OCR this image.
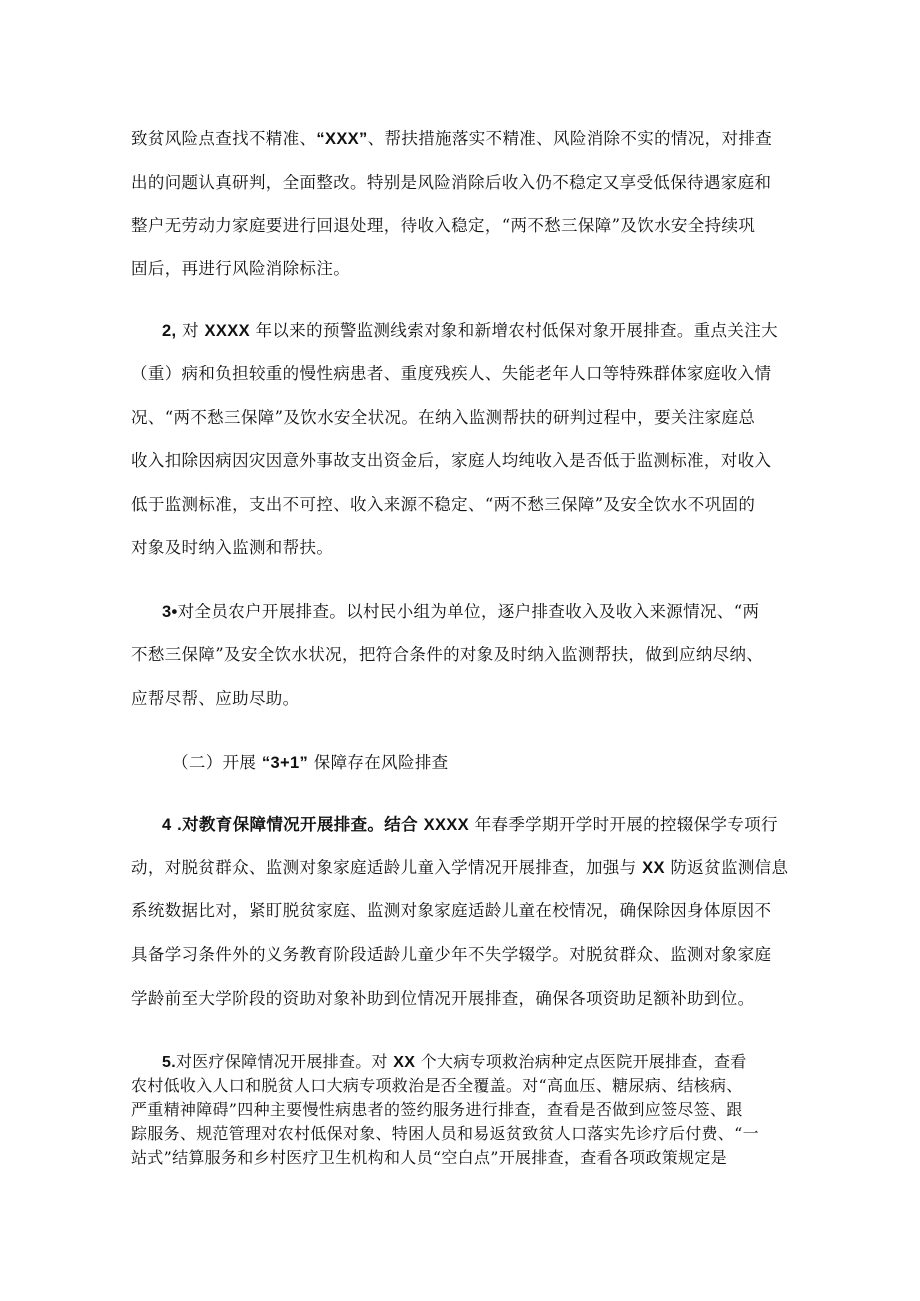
致贫风险点查找不精准、“XXX”、帮扶措施落实不精准、风险消除不实的情况，对排查
出的问题认真研判，全面整改。特别是风险消除后收入仍不稳定又享受低保待遇家庭和
整户无劳动力家庭要进行回退处理，待收入稳定，“两不愁三保障”及饮水安全持续巩
固后，再进行风险消除标注。
2, 对 XXXX 年以来的预警监测线索对象和新增农村低保对象开展排查。重点关注大
（重）病和负担较重的慢性病患者、重度残疾人、失能老年人口等特殊群体家庭收入情
况、“两不愁三保障”及饮水安全状况。在纳入监测帮扶的研判过程中，要关注家庭总
收入扣除因病因灾因意外事故支出资金后，家庭人均纯收入是否低于监测标准，对收入
低于监测标准，支出不可控、收入来源不稳定、“两不愁三保障”及安全饮水不巩固的
对象及时纳入监测和帮扶。
3•对全员农户开展排查。以村民小组为单位，逐户排查收入及收入来源情况、“两
不愁三保障”及安全饮水状况，把符合条件的对象及时纳入监测帮扶，做到应纳尽纳、
应帮尽帮、应助尽助。
（二）开展 “3+1” 保障存在风险排查
4 .对教育保障情况开展排查。结合 XXXX 年春季学期开学时开展的控辍保学专项行
动，对脱贫群众、监测对象家庭适龄儿童入学情况开展排查，加强与 XX 防返贫监测信息
系统数据比对，紧盯脱贫家庭、监测对象家庭适龄儿童在校情况，确保除因身体原因不
具备学习条件外的义务教育阶段适龄儿童少年不失学辍学。对脱贫群众、监测对象家庭
学龄前至大学阶段的资助对象补助到位情况开展排查，确保各项资助足额补助到位。
5.对医疗保障情况开展排查。对 XX 个大病专项救治病种定点医院开展排查，查看
农村低收入人口和脱贫人口大病专项救治是否全覆盖。对“高血压、糖尿病、结核病、
严重精神障碍”四种主要慢性病患者的签约服务进行排查，查看是否做到应签尽签、跟
踪服务、规范管理对农村低保对象、特困人员和易返贫致贫人口落实先诊疗后付费、“一
站式”结算服务和乡村医疗卫生机构和人员“空白点”开展排查，查看各项政策规定是
